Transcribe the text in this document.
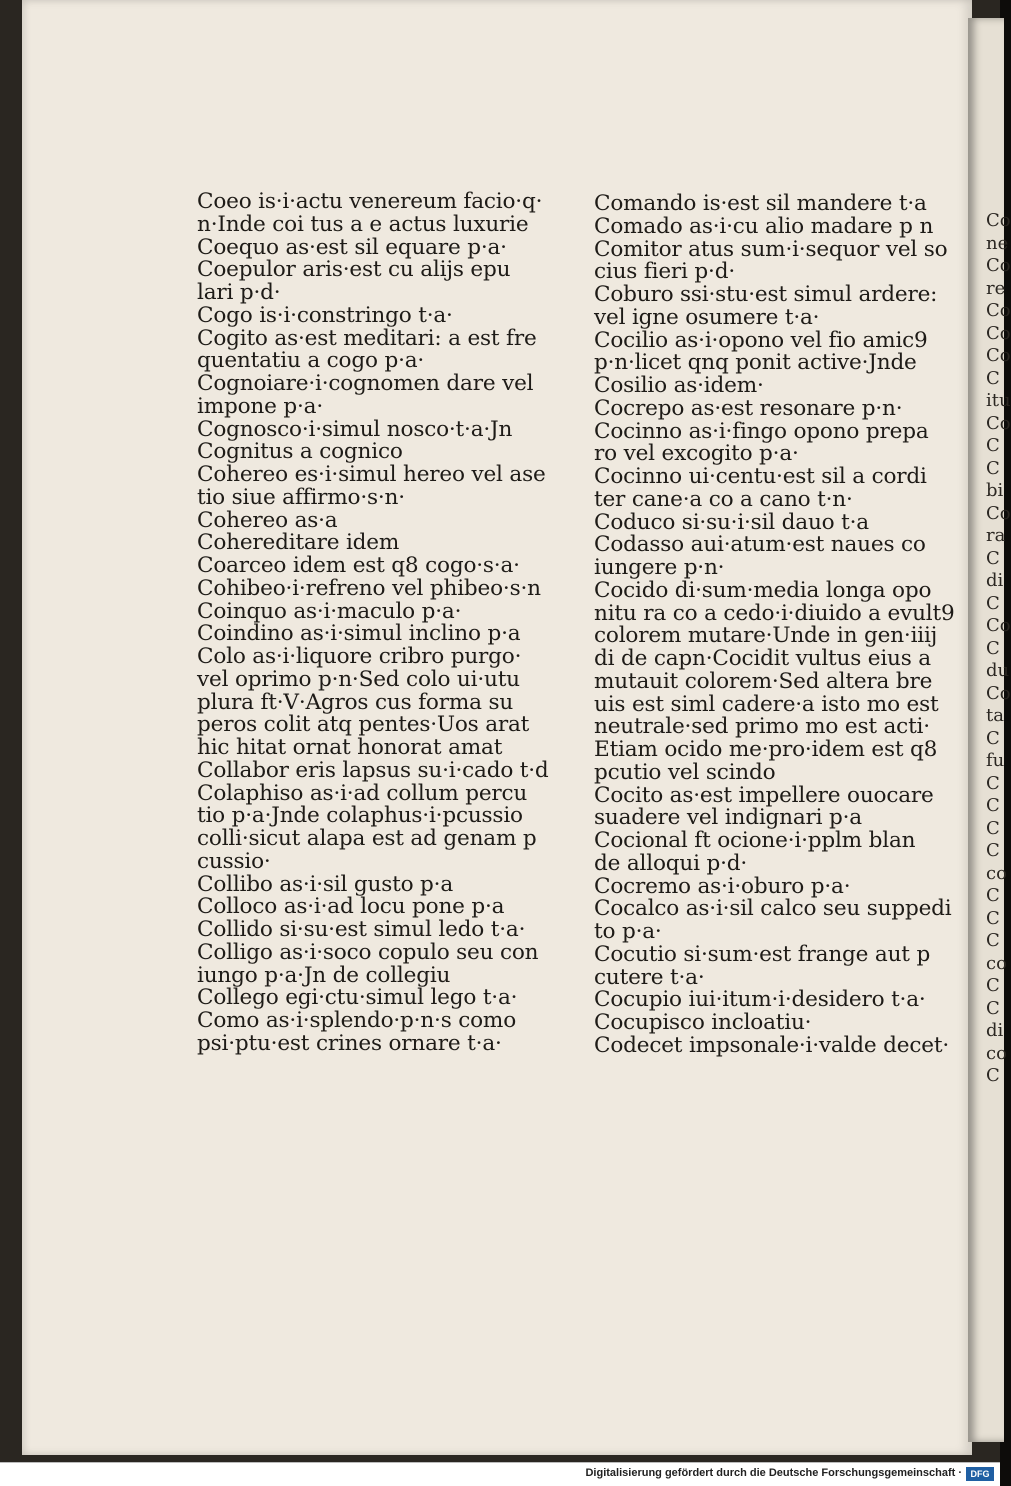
Coeo is·i·actu venereum facio·q·
n·Inde coi tus a e actus luxurie
Coequo as·est sil equare p·a·
Coepulor aris·est cu alijs epu
lari p·d·
Cogo is·i·constringo t·a·
Cogito as·est meditari: a est fre
quentatiu a cogo p·a·
Cognoiare·i·cognomen dare vel
impone p·a·
Cognosco·i·simul nosco·t·a·Jn
Cognitus a cognico
Cohereo es·i·simul hereo vel ase
tio siue affirmo·s·n·
Cohereo as·a
Cohereditare idem
Coarceo idem est q8 cogo·s·a·
Cohibeo·i·refreno vel phibeo·s·n
Coinquo as·i·maculo p·a·
Coindino as·i·simul inclino p·a
Colo as·i·liquore cribro purgo·
vel oprimo p·n·Sed colo ui·utu
plura ft·V·Agros cus forma su
peros colit atq pentes·Uos arat
hic hitat ornat honorat amat
Collabor eris lapsus su·i·cado t·d
Colaphiso as·i·ad collum percu
tio p·a·Jnde colaphus·i·pcussio
colli·sicut alapa est ad genam p
cussio·
Collibo as·i·sil gusto p·a
Colloco as·i·ad locu pone p·a
Collido si·su·est simul ledo t·a·
Colligo as·i·soco copulo seu con
iungo p·a·Jn de collegiu
Collego egi·ctu·simul lego t·a·
Como as·i·splendo·p·n·s como
psi·ptu·est crines ornare t·a·
Comando is·est sil mandere t·a
Comado as·i·cu alio madare p n
Comitor atus sum·i·sequor vel so
cius fieri p·d·
Coburo ssi·stu·est simul ardere:
vel igne osumere t·a·
Cocilio as·i·opono vel fio amic9
p·n·licet qnq ponit active·Jnde
Cosilio as·idem·
Cocrepo as·est resonare p·n·
Cocinno as·i·fingo opono prepa
ro vel excogito p·a·
Cocinno ui·centu·est sil a cordi
ter cane·a co a cano t·n·
Coduco si·su·i·sil dauo t·a
Codasso aui·atum·est naues co
iungere p·n·
Cocido di·sum·media longa opo
nitu ra co a cedo·i·diuido a evult9
colorem mutare·Unde in gen·iiij
di de capn·Cocidit vultus eius a
mutauit colorem·Sed altera bre
uis est siml cadere·a isto mo est
neutrale·sed primo mo est acti·
Etiam ocido me·pro·idem est q8
pcutio vel scindo
Cocito as·est impellere ouocare
suadere vel indignari p·a
Cocional ft ocione·i·pplm blan
de alloqui p·d·
Cocremo as·i·oburo p·a·
Cocalco as·i·sil calco seu suppedi
to p·a·
Cocutio si·sum·est frange aut p
cutere t·a·
Cocupio iui·itum·i·desidero t·a·
Cocupisco incloatiu·
Codecet impsonale·i·valde decet·
Co
ne
Co
re
Co
Co
Co
C
itu
Co
C
C
bi
Co
ra
C
di
C
Co
C
du
Co
ta
C
fu
C
C
C
C
co
C
C
C
co
C
C
di
co
C
Digitalisierung gefördert durch die Deutsche Forschungsgemeinschaft · DFG
